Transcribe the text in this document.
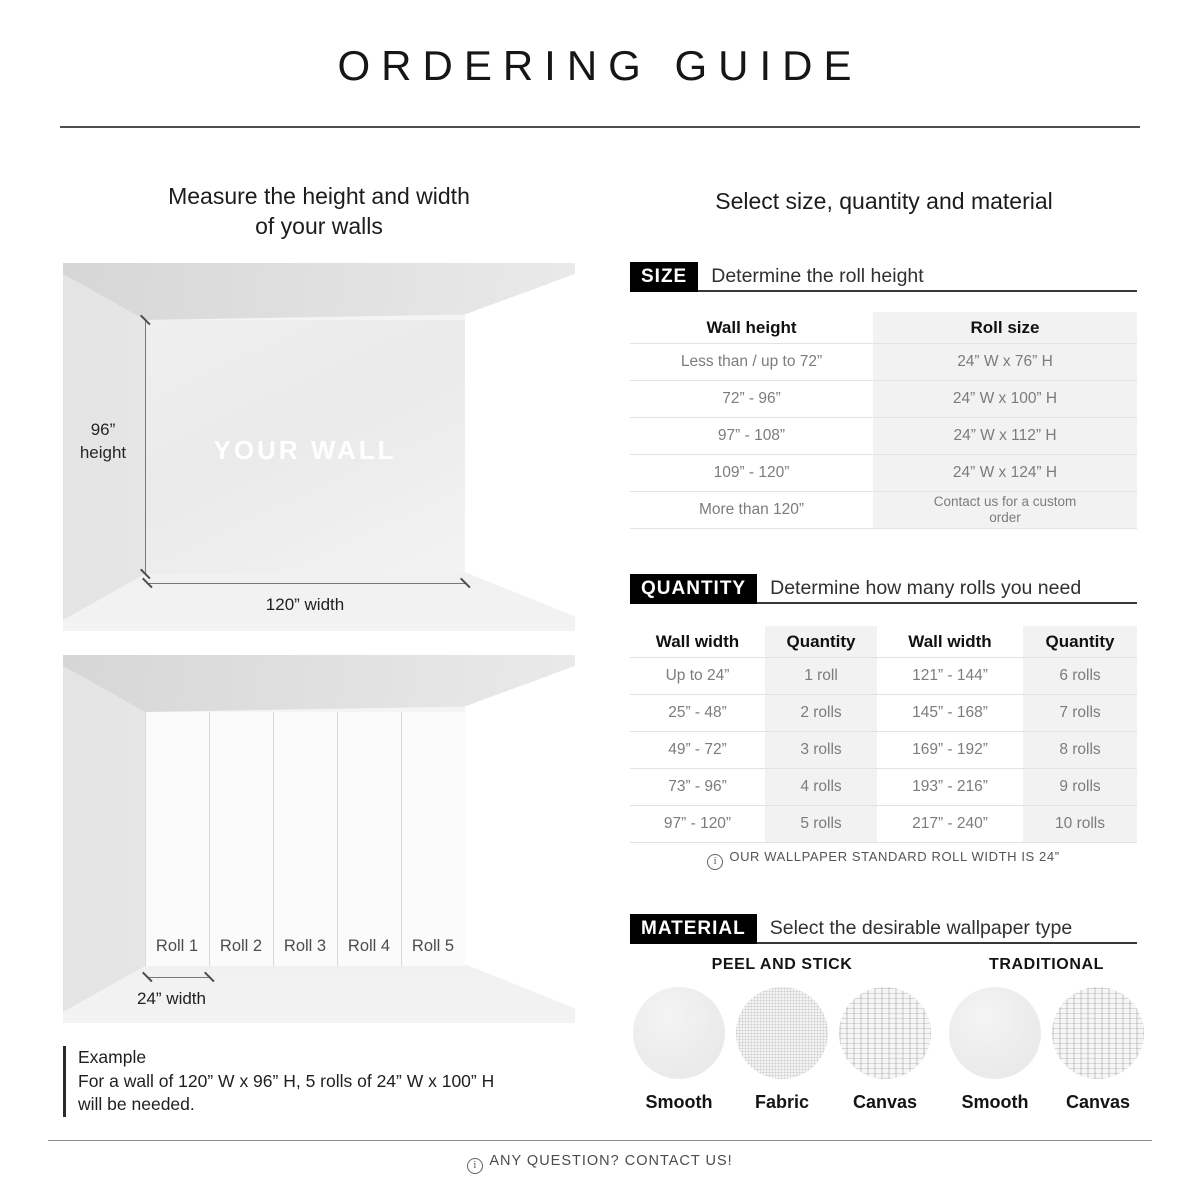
ORDERING GUIDE
Measure the height and width
of your walls
Select size, quantity and material
96”
height	YOUR WALL
120” width
Roll 1	Roll 2	Roll 3	Roll 4	Roll 5
24” width
Example
For a wall of 120” W x 96” H, 5 rolls of 24” W x 100” H
will be needed.
SIZE	Determine the roll height
Wall height	Roll size
Less than / up to 72”	24” W x 76” H
72” - 96”	24” W x 100” H
97” - 108”	24” W x 112” H
109” - 120”	24” W x 124” H
More than 120”	Contact us for a custom order
QUANTITY	Determine how many rolls you need
Wall width	Quantity	Wall width	Quantity
Up to 24”	1 roll	121” - 144”	6 rolls
25” - 48”	2 rolls	145” - 168”	7 rolls
49” - 72”	3 rolls	169” - 192”	8 rolls
73” - 96”	4 rolls	193” - 216”	9 rolls
97” - 120”	5 rolls	217” - 240”	10 rolls
iOUR WALLPAPER STANDARD ROLL WIDTH IS 24”
MATERIAL	Select the desirable wallpaper type
PEEL AND STICK
Smooth Fabric Canvas
TRADITIONAL
Smooth Canvas
iANY QUESTION? CONTACT US!
